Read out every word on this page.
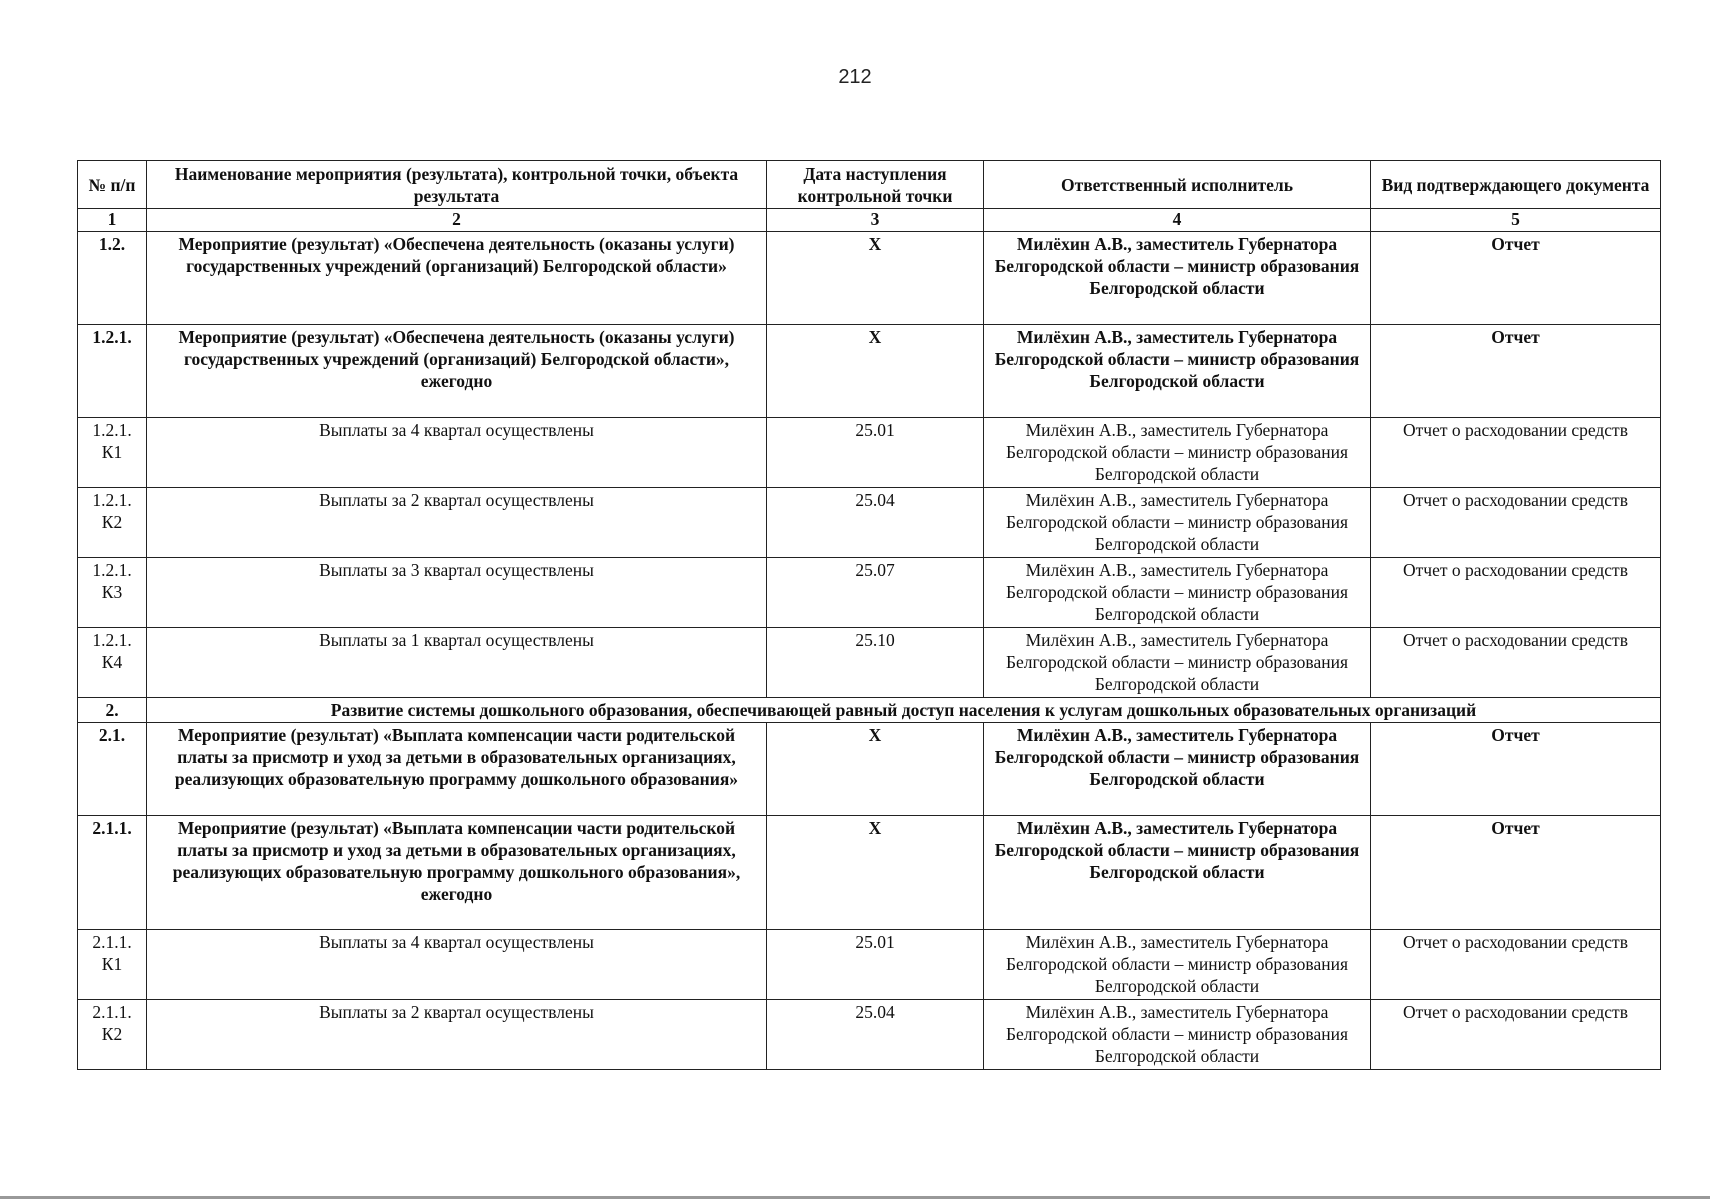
212
№ п/п	Наименование мероприятия (результата), контрольной точки, объекта результата	Дата наступления контрольной точки	Ответственный исполнитель	Вид подтверждающего документа
1	2	3	4	5
1.2.	Мероприятие (результат) «Обеспечена деятельность (оказаны услуги) государственных учреждений (организаций) Белгородской области»	X	Милёхин А.В., заместитель Губернатора Белгородской области – министр образования Белгородской области	Отчет
1.2.1.	Мероприятие (результат) «Обеспечена деятельность (оказаны услуги) государственных учреждений (организаций) Белгородской области», ежегодно	X	Милёхин А.В., заместитель Губернатора Белгородской области – министр образования Белгородской области	Отчет
1.2.1. К1	Выплаты за 4 квартал осуществлены	25.01	Милёхин А.В., заместитель Губернатора Белгородской области – министр образования Белгородской области	Отчет о расходовании средств
1.2.1. К2	Выплаты за 2 квартал осуществлены	25.04	Милёхин А.В., заместитель Губернатора Белгородской области – министр образования Белгородской области	Отчет о расходовании средств
1.2.1. К3	Выплаты за 3 квартал осуществлены	25.07	Милёхин А.В., заместитель Губернатора Белгородской области – министр образования Белгородской области	Отчет о расходовании средств
1.2.1. К4	Выплаты за 1 квартал осуществлены	25.10	Милёхин А.В., заместитель Губернатора Белгородской области – министр образования Белгородской области	Отчет о расходовании средств
2.	Развитие системы дошкольного образования, обеспечивающей равный доступ населения к услугам дошкольных образовательных организаций			
2.1.	Мероприятие (результат) «Выплата компенсации части родительской платы за присмотр и уход за детьми в образовательных организациях, реализующих образовательную программу дошкольного образования»	X	Милёхин А.В., заместитель Губернатора Белгородской области – министр образования Белгородской области	Отчет
2.1.1.	Мероприятие (результат) «Выплата компенсации части родительской платы за присмотр и уход за детьми в образовательных организациях, реализующих образовательную программу дошкольного образования», ежегодно	X	Милёхин А.В., заместитель Губернатора Белгородской области – министр образования Белгородской области	Отчет
2.1.1. К1	Выплаты за 4 квартал осуществлены	25.01	Милёхин А.В., заместитель Губернатора Белгородской области – министр образования Белгородской области	Отчет о расходовании средств
2.1.1. К2	Выплаты за 2 квартал осуществлены	25.04	Милёхин А.В., заместитель Губернатора Белгородской области – министр образования Белгородской области	Отчет о расходовании средств
